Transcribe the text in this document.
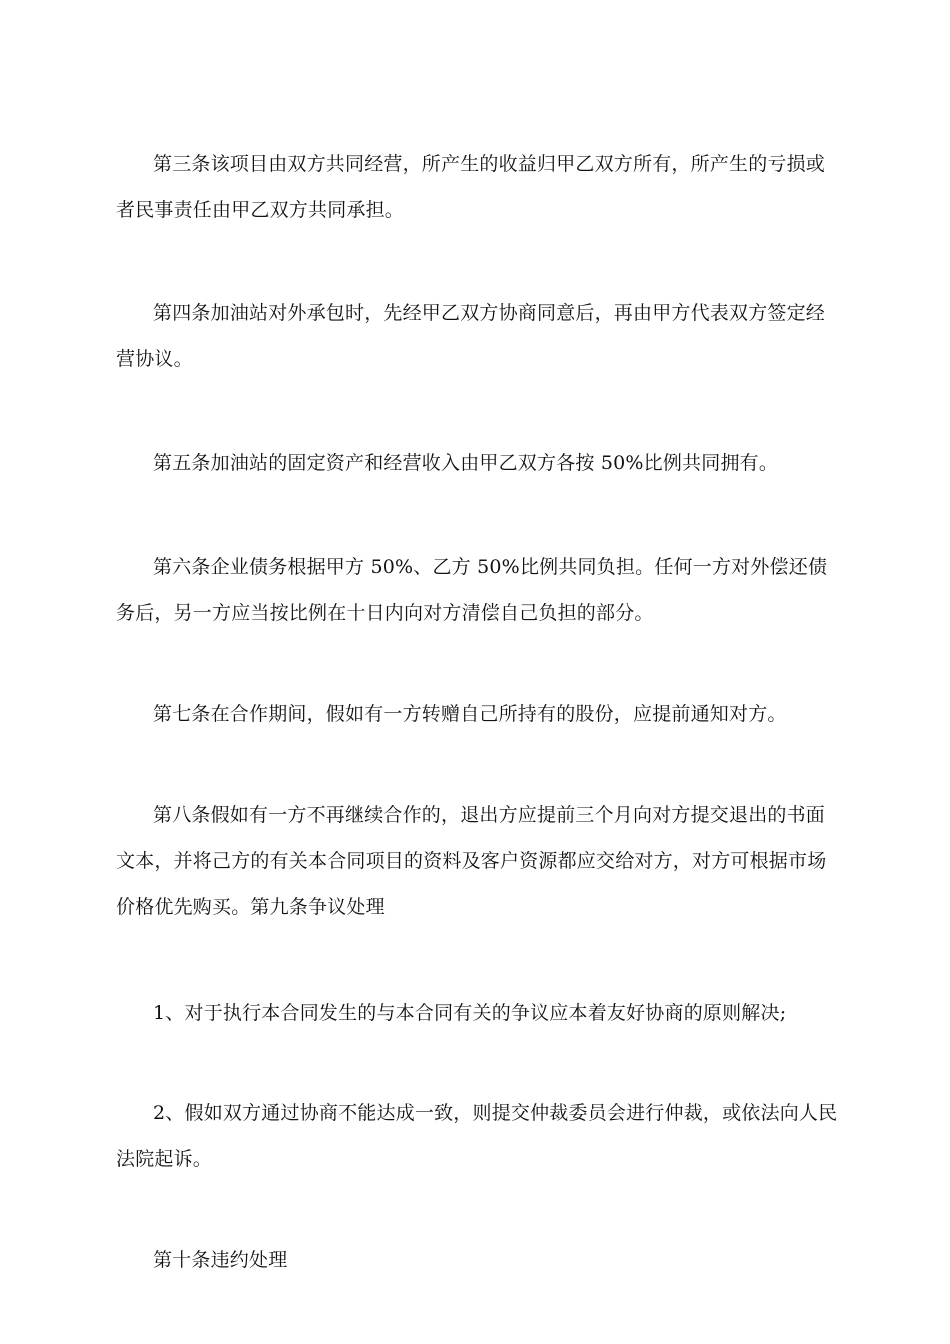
第三条该项目由双方共同经营，所产生的收益归甲乙双方所有，所产生的亏损或者民事责任由甲乙双方共同承担。

第四条加油站对外承包时，先经甲乙双方协商同意后，再由甲方代表双方签定经营协议。

第五条加油站的固定资产和经营收入由甲乙双方各按 50%比例共同拥有。

第六条企业债务根据甲方 50%、乙方 50%比例共同负担。任何一方对外偿还债务后，另一方应当按比例在十日内向对方清偿自己负担的部分。

第七条在合作期间，假如有一方转赠自己所持有的股份，应提前通知对方。

第八条假如有一方不再继续合作的，退出方应提前三个月向对方提交退出的书面文本，并将己方的有关本合同项目的资料及客户资源都应交给对方，对方可根据市场价格优先购买。第九条争议处理

1、对于执行本合同发生的与本合同有关的争议应本着友好协商的原则解决;

2、假如双方通过协商不能达成一致，则提交仲裁委员会进行仲裁，或依法向人民法院起诉。

第十条违约处理
